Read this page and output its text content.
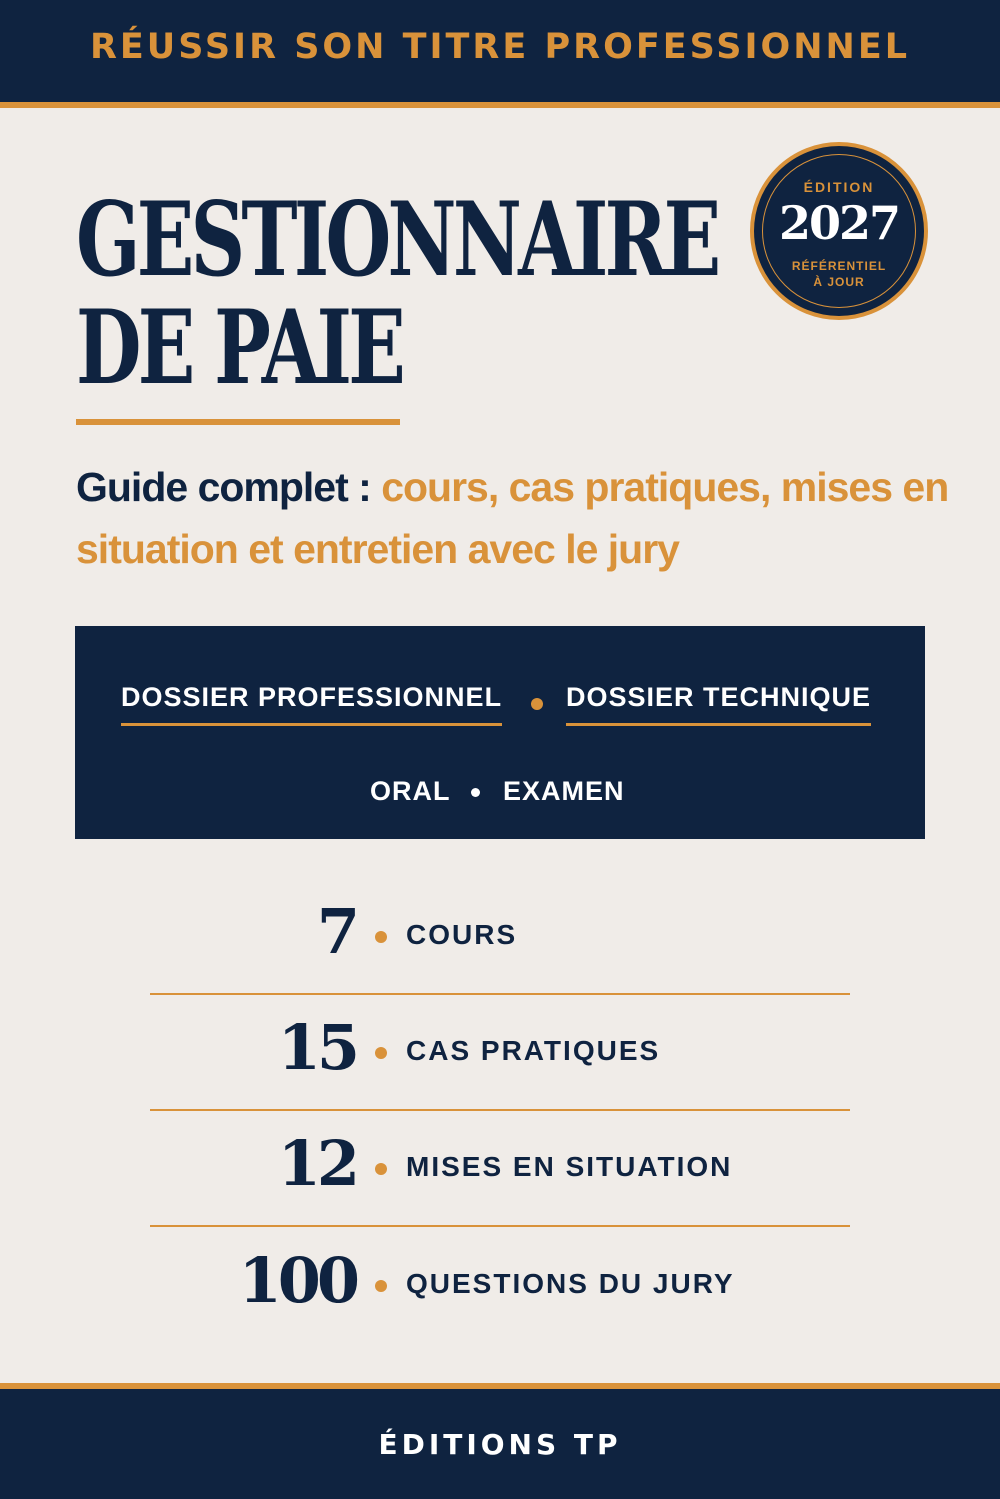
RÉUSSIR SON TITRE PROFESSIONNEL
GESTIONNAIRE
DE PAIE
ÉDITION
2027
RÉFÉRENTIEL
À JOUR
Guide complet : cours, cas pratiques, mises en situation et entretien avec le jury
DOSSIER PROFESSIONNEL DOSSIER TECHNIQUE
ORAL EXAMEN
7 COURS
15 CAS PRATIQUES
12 MISES EN SITUATION
100 QUESTIONS DU JURY
ÉDITIONS TP
